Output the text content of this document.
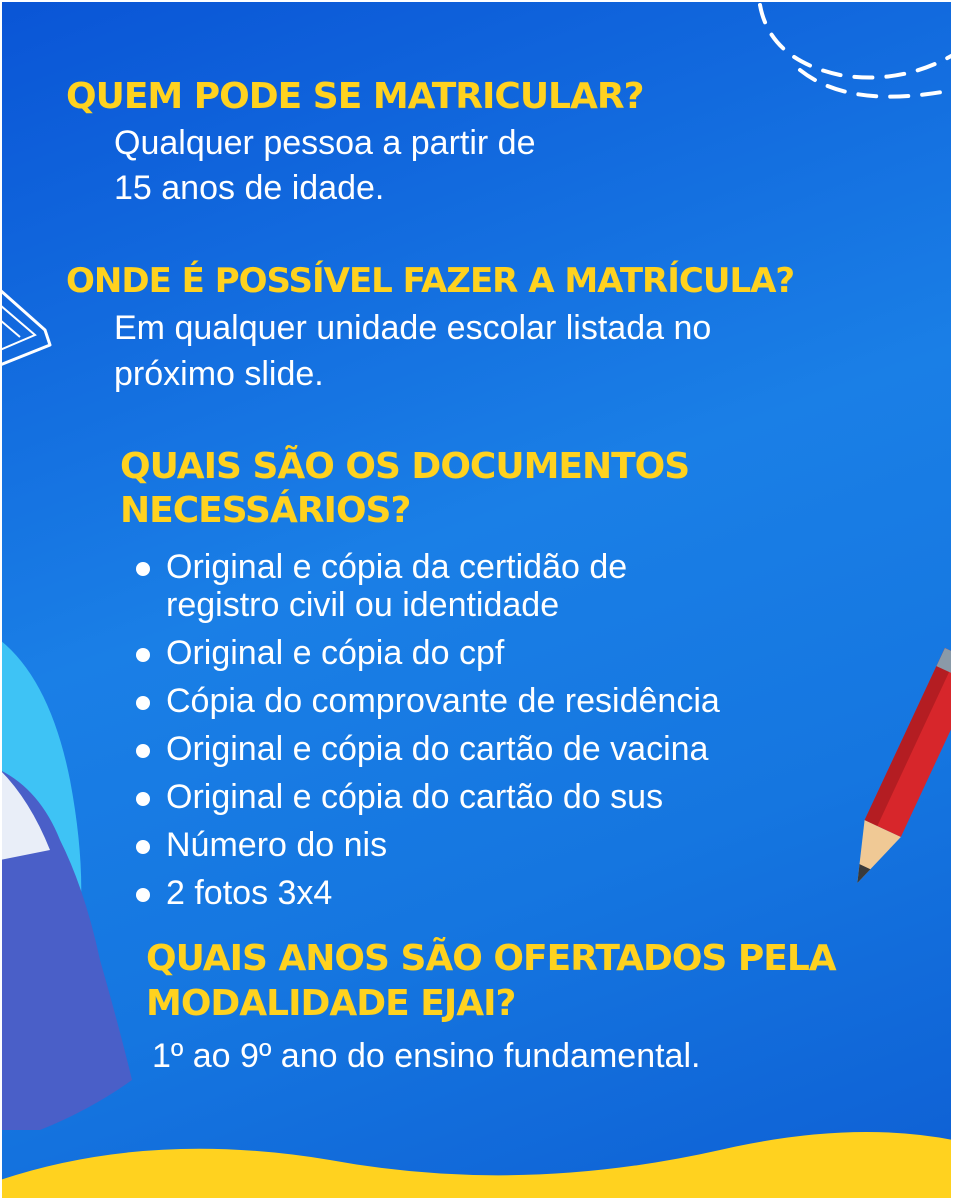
QUEM PODE SE MATRICULAR?

Qualquer pessoa a partir de

15 anos de idade.

ONDE É POSSÍVEL FAZER A MATRÍCULA?

Em qualquer unidade escolar listada no

próximo slide.

QUAIS SÃO OS DOCUMENTOS
NECESSÁRIOS?
Original e cópia da certidão de
registro civil ou identidade
Original e cópia do cpf
Cópia do comprovante de residência
Original e cópia do cartão de vacina
Original e cópia do cartão do sus
Número do nis
2 fotos 3x4
QUAIS ANOS SÃO OFERTADOS PELA
MODALIDADE EJAI?

1º ao 9º ano do ensino fundamental.
